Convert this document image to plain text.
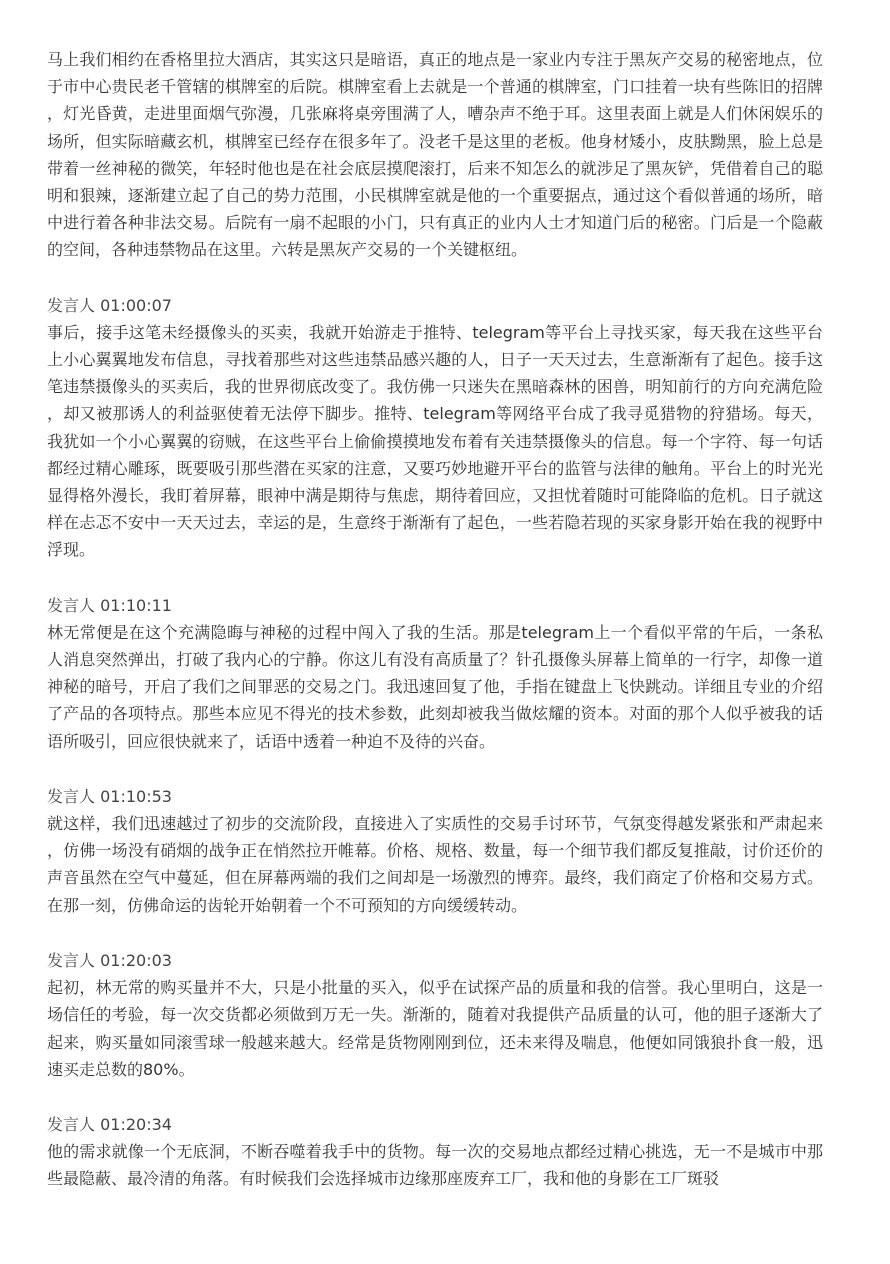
马上我们相约在香格里拉大酒店，其实这只是暗语，真正的地点是一家业内专注于黑灰产交易的秘密地点，位于市中心贵民老千管辖的棋牌室的后院。棋牌室看上去就是一个普通的棋牌室，门口挂着一块有些陈旧的招牌，灯光昏黄，走进里面烟气弥漫，几张麻将桌旁围满了人，嘈杂声不绝于耳。这里表面上就是人们休闲娱乐的场所，但实际暗藏玄机，棋牌室已经存在很多年了。没老千是这里的老板。他身材矮小，皮肤黝黑，脸上总是带着一丝神秘的微笑，年轻时他也是在社会底层摸爬滚打，后来不知怎么的就涉足了黑灰铲，凭借着自己的聪明和狠辣，逐渐建立起了自己的势力范围，小民棋牌室就是他的一个重要据点，通过这个看似普通的场所，暗中进行着各种非法交易。后院有一扇不起眼的小门，只有真正的业内人士才知道门后的秘密。门后是一个隐蔽的空间，各种违禁物品在这里。六转是黑灰产交易的一个关键枢纽。
发言人 01:00:07
事后，接手这笔未经摄像头的买卖，我就开始游走于推特、telegram等平台上寻找买家，每天我在这些平台上小心翼翼地发布信息，寻找着那些对这些违禁品感兴趣的人，日子一天天过去，生意渐渐有了起色。接手这笔违禁摄像头的买卖后，我的世界彻底改变了。我仿佛一只迷失在黑暗森林的困兽，明知前行的方向充满危险，却又被那诱人的利益驱使着无法停下脚步。推特、telegram等网络平台成了我寻觅猎物的狩猎场。每天，我犹如一个小心翼翼的窃贼，在这些平台上偷偷摸摸地发布着有关违禁摄像头的信息。每一个字符、每一句话都经过精心雕琢，既要吸引那些潜在买家的注意，又要巧妙地避开平台的监管与法律的触角。平台上的时光光显得格外漫长，我盯着屏幕，眼神中满是期待与焦虑，期待着回应，又担忧着随时可能降临的危机。日子就这样在忐忑不安中一天天过去，幸运的是，生意终于渐渐有了起色，一些若隐若现的买家身影开始在我的视野中浮现。
发言人 01:10:11
林无常便是在这个充满隐晦与神秘的过程中闯入了我的生活。那是telegram上一个看似平常的午后，一条私人消息突然弹出，打破了我内心的宁静。你这儿有没有高质量了？针孔摄像头屏幕上简单的一行字，却像一道神秘的暗号，开启了我们之间罪恶的交易之门。我迅速回复了他，手指在键盘上飞快跳动。详细且专业的介绍了产品的各项特点。那些本应见不得光的技术参数，此刻却被我当做炫耀的资本。对面的那个人似乎被我的话语所吸引，回应很快就来了，话语中透着一种迫不及待的兴奋。
发言人 01:10:53
就这样，我们迅速越过了初步的交流阶段，直接进入了实质性的交易手讨环节，气氛变得越发紧张和严肃起来，仿佛一场没有硝烟的战争正在悄然拉开帷幕。价格、规格、数量，每一个细节我们都反复推敲，讨价还价的声音虽然在空气中蔓延，但在屏幕两端的我们之间却是一场激烈的博弈。最终，我们商定了价格和交易方式。在那一刻，仿佛命运的齿轮开始朝着一个不可预知的方向缓缓转动。
发言人 01:20:03
起初，林无常的购买量并不大，只是小批量的买入，似乎在试探产品的质量和我的信誉。我心里明白，这是一场信任的考验，每一次交货都必须做到万无一失。渐渐的，随着对我提供产品质量的认可，他的胆子逐渐大了起来，购买量如同滚雪球一般越来越大。经常是货物刚刚到位，还未来得及喘息，他便如同饿狼扑食一般，迅速买走总数的80%。
发言人 01:20:34
他的需求就像一个无底洞，不断吞噬着我手中的货物。每一次的交易地点都经过精心挑选，无一不是城市中那些最隐蔽、最冷清的角落。有时候我们会选择城市边缘那座废弃工厂，我和他的身影在工厂斑驳
